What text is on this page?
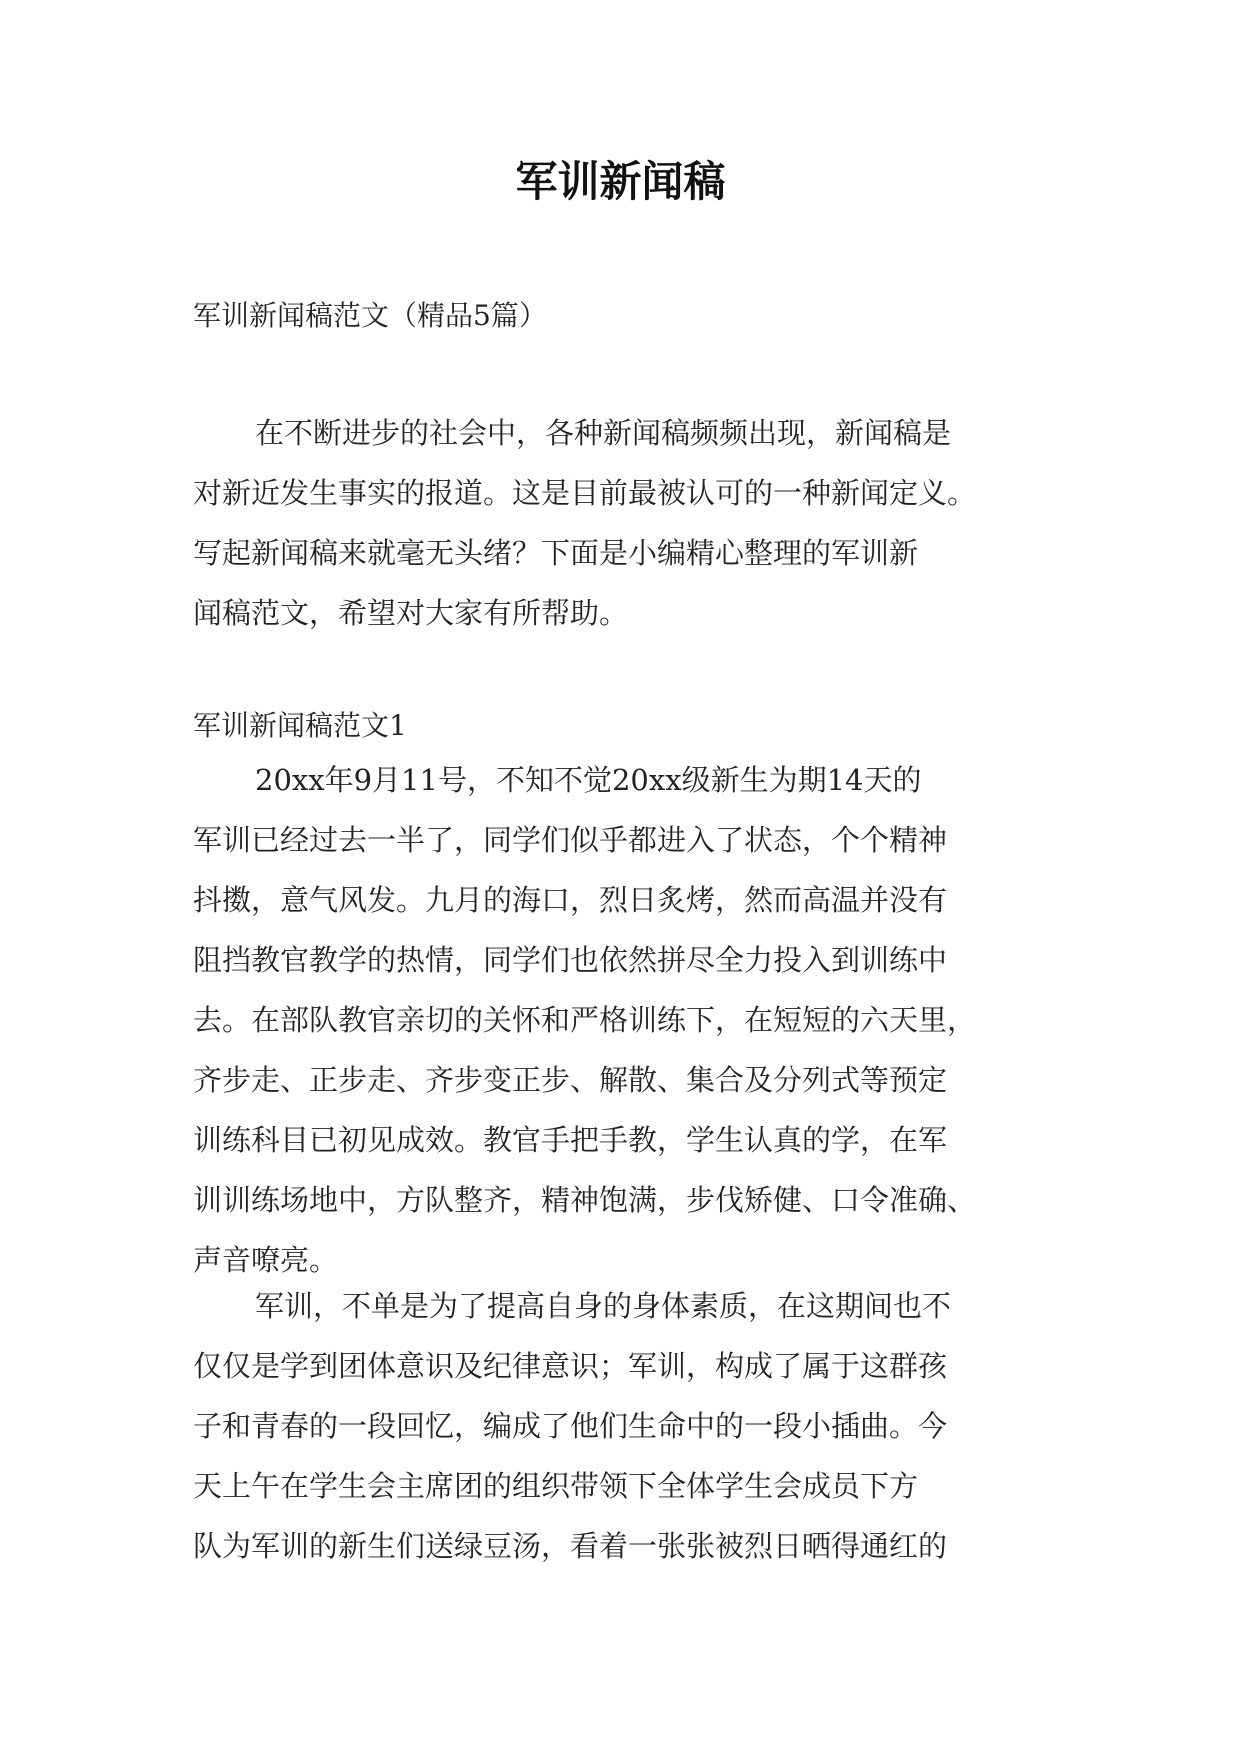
军训新闻稿

军训新闻稿范文（精品5篇）

在不断进步的社会中，各种新闻稿频频出现，新闻稿是
对新近发生事实的报道。这是目前最被认可的一种新闻定义。
写起新闻稿来就毫无头绪？下面是小编精心整理的军训新
闻稿范文，希望对大家有所帮助。

军训新闻稿范文1

20xx年9月11号，不知不觉20xx级新生为期14天的
军训已经过去一半了，同学们似乎都进入了状态，个个精神
抖擞，意气风发。九月的海口，烈日炙烤，然而高温并没有
阻挡教官教学的热情，同学们也依然拼尽全力投入到训练中
去。在部队教官亲切的关怀和严格训练下，在短短的六天里，
齐步走、正步走、齐步变正步、解散、集合及分列式等预定
训练科目已初见成效。教官手把手教，学生认真的学，在军
训训练场地中，方队整齐，精神饱满，步伐矫健、口令准确、
声音嘹亮。
军训，不单是为了提高自身的身体素质，在这期间也不
仅仅是学到团体意识及纪律意识；军训，构成了属于这群孩
子和青春的一段回忆，编成了他们生命中的一段小插曲。今
天上午在学生会主席团的组织带领下全体学生会成员下方
队为军训的新生们送绿豆汤，看着一张张被烈日晒得通红的
